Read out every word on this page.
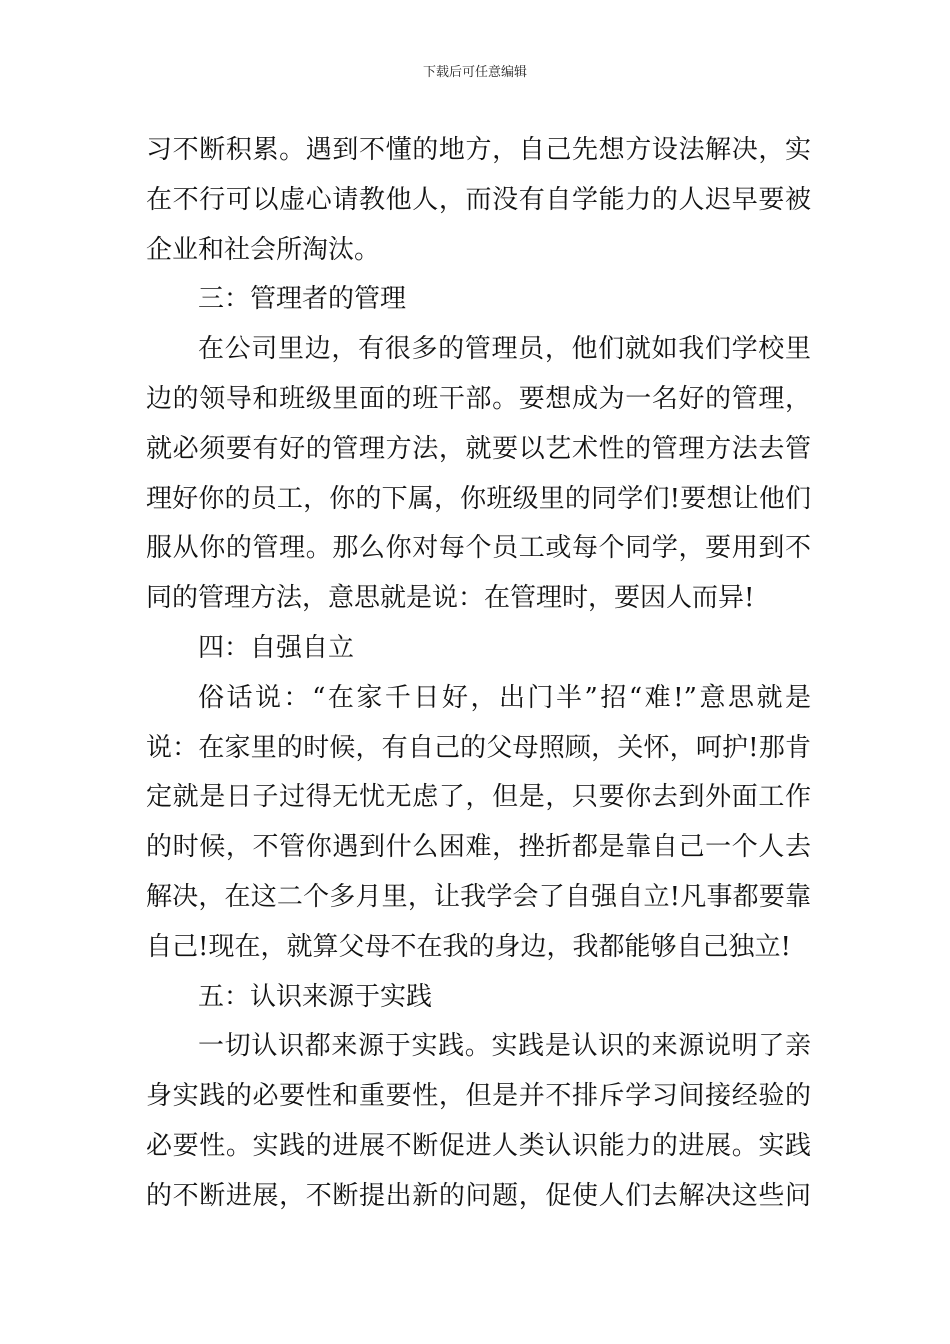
下载后可任意编辑
习不断积累。遇到不懂的地方，自己先想方设法解决，实
在不行可以虚心请教他人，而没有自学能力的人迟早要被
企业和社会所淘汰。
三：管理者的管理
在公司里边，有很多的管理员，他们就如我们学校里
边的领导和班级里面的班干部。要想成为一名好的管理，
就必须要有好的管理方法，就要以艺术性的管理方法去管
理好你的员工，你的下属，你班级里的同学们!要想让他们
服从你的管理。那么你对每个员工或每个同学，要用到不
同的管理方法，意思就是说：在管理时，要因人而异!
四：自强自立
俗话说：“在家千日好，出门半”招“难!”意思就是
说：在家里的时候，有自己的父母照顾，关怀，呵护!那肯
定就是日子过得无忧无虑了，但是，只要你去到外面工作
的时候，不管你遇到什么困难，挫折都是靠自己一个人去
解决，在这二个多月里，让我学会了自强自立!凡事都要靠
自己!现在，就算父母不在我的身边，我都能够自己独立!
五：认识来源于实践
一切认识都来源于实践。实践是认识的来源说明了亲
身实践的必要性和重要性，但是并不排斥学习间接经验的
必要性。实践的进展不断促进人类认识能力的进展。实践
的不断进展，不断提出新的问题，促使人们去解决这些问
